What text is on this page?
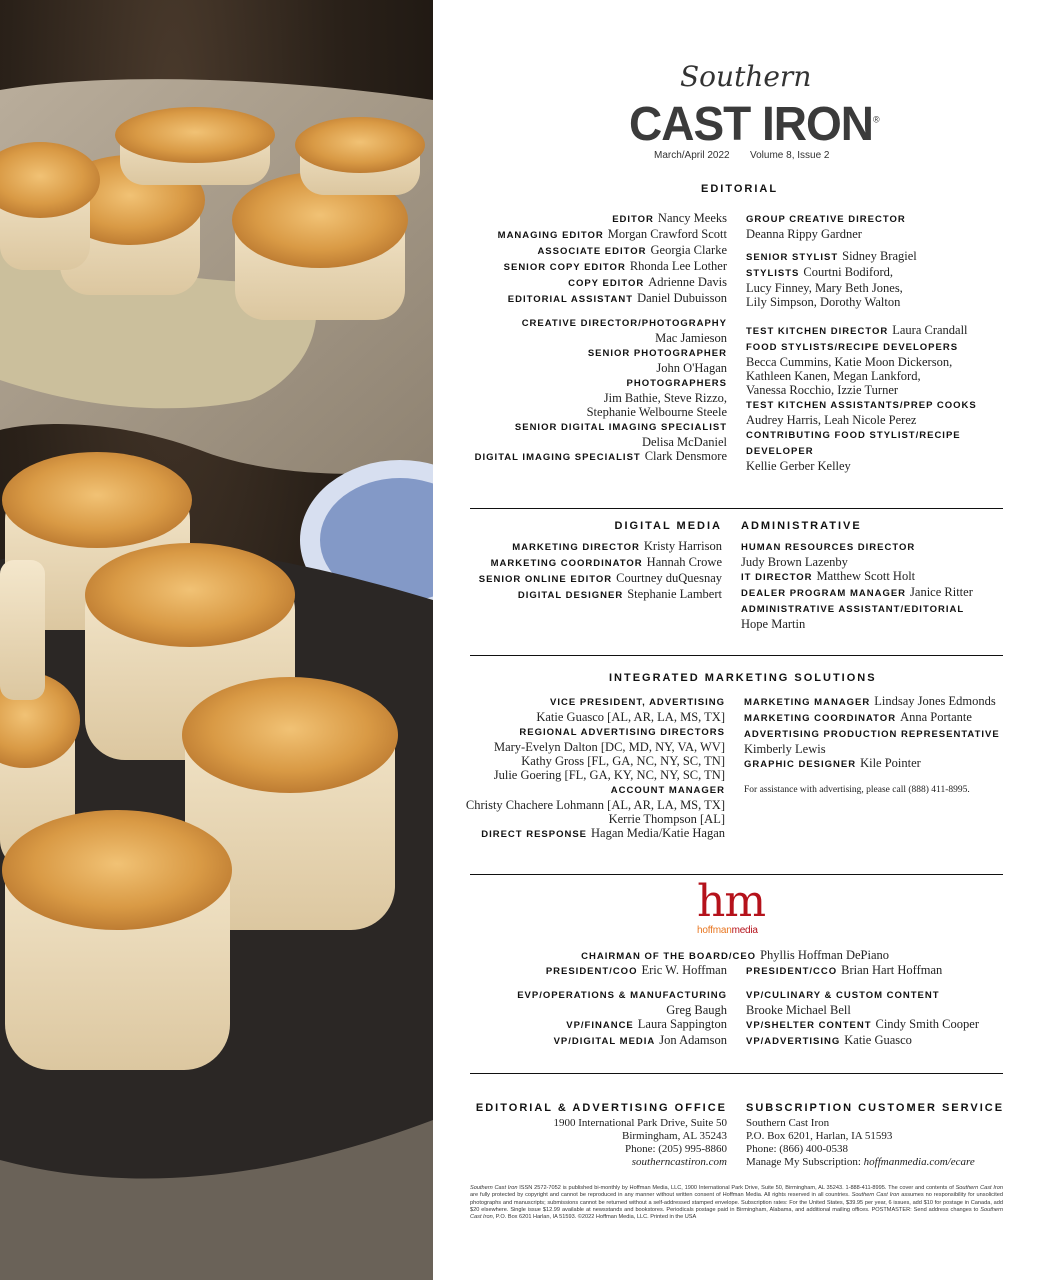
Southern
CAST IRON®
March/April 2022 Volume 8, Issue 2
EDITORIAL
EDITOR Nancy Meeks
MANAGING EDITOR Morgan Crawford Scott
ASSOCIATE EDITOR Georgia Clarke
SENIOR COPY EDITOR Rhonda Lee Lother
COPY EDITOR Adrienne Davis
EDITORIAL ASSISTANT Daniel Dubuisson
CREATIVE DIRECTOR/PHOTOGRAPHY
Mac Jamieson
SENIOR PHOTOGRAPHER
John O'Hagan
PHOTOGRAPHERS
Jim Bathie, Steve Rizzo,
Stephanie Welbourne Steele
SENIOR DIGITAL IMAGING SPECIALIST
Delisa McDaniel
DIGITAL IMAGING SPECIALIST Clark Densmore
GROUP CREATIVE DIRECTOR
Deanna Rippy Gardner
SENIOR STYLIST Sidney Bragiel
STYLISTS Courtni Bodiford,
Lucy Finney, Mary Beth Jones,
Lily Simpson, Dorothy Walton
TEST KITCHEN DIRECTOR Laura Crandall
FOOD STYLISTS/RECIPE DEVELOPERS
Becca Cummins, Katie Moon Dickerson,
Kathleen Kanen, Megan Lankford,
Vanessa Rocchio, Izzie Turner
TEST KITCHEN ASSISTANTS/PREP COOKS
Audrey Harris, Leah Nicole Perez
CONTRIBUTING FOOD STYLIST/RECIPE
DEVELOPER
Kellie Gerber Kelley
DIGITAL MEDIA ADMINISTRATIVE
MARKETING DIRECTOR Kristy Harrison
MARKETING COORDINATOR Hannah Crowe
SENIOR ONLINE EDITOR Courtney duQuesnay
DIGITAL DESIGNER Stephanie Lambert
HUMAN RESOURCES DIRECTOR
Judy Brown Lazenby
IT DIRECTOR Matthew Scott Holt
DEALER PROGRAM MANAGER Janice Ritter
ADMINISTRATIVE ASSISTANT/EDITORIAL
Hope Martin
INTEGRATED MARKETING SOLUTIONS
VICE PRESIDENT, ADVERTISING
Katie Guasco [AL, AR, LA, MS, TX]
REGIONAL ADVERTISING DIRECTORS
Mary-Evelyn Dalton [DC, MD, NY, VA, WV]
Kathy Gross [FL, GA, NC, NY, SC, TN]
Julie Goering [FL, GA, KY, NC, NY, SC, TN]
ACCOUNT MANAGER
Christy Chachere Lohmann [AL, AR, LA, MS, TX]
Kerrie Thompson [AL]
DIRECT RESPONSE Hagan Media/Katie Hagan
MARKETING MANAGER Lindsay Jones Edmonds
MARKETING COORDINATOR Anna Portante
ADVERTISING PRODUCTION REPRESENTATIVE
Kimberly Lewis
GRAPHIC DESIGNER Kile Pointer
For assistance with advertising, please call (888) 411-8995.
hm
hoffmanmedia
CHAIRMAN OF THE BOARD/CEO Phyllis Hoffman DePiano
PRESIDENT/COO Eric W. Hoffman
EVP/OPERATIONS & MANUFACTURING
Greg Baugh
VP/FINANCE Laura Sappington
VP/DIGITAL MEDIA Jon Adamson
PRESIDENT/CCO Brian Hart Hoffman
VP/CULINARY & CUSTOM CONTENT
Brooke Michael Bell
VP/SHELTER CONTENT Cindy Smith Cooper
VP/ADVERTISING Katie Guasco
EDITORIAL & ADVERTISING OFFICE
1900 International Park Drive, Suite 50
Birmingham, AL 35243
Phone: (205) 995-8860
southerncastiron.com
SUBSCRIPTION CUSTOMER SERVICE
Southern Cast Iron
P.O. Box 6201, Harlan, IA 51593
Phone: (866) 400-0538
Manage My Subscription: hoffmanmedia.com/ecare
Southern Cast Iron ISSN 2572-7052 is published bi-monthly by Hoffman Media, LLC, 1900 International Park Drive, Suite 50, Birmingham, AL 35243. 1-888-411-8995. The cover and contents of Southern Cast Iron are fully protected by copyright and cannot be reproduced in any manner without written consent of Hoffman Media. All rights reserved in all countries. Southern Cast Iron assumes no responsibility for unsolicited photographs and manuscripts; submissions cannot be returned without a self-addressed stamped envelope. Subscription rates: For the United States, $39.95 per year, 6 issues, add $10 for postage in Canada, add $20 elsewhere. Single issue $12.99 available at newsstands and bookstores. Periodicals postage paid in Birmingham, Alabama, and additional mailing offices. POSTMASTER: Send address changes to Southern Cast Iron, P.O. Box 6201 Harlan, IA 51593. ©2022 Hoffman Media, LLC. Printed in the USA
